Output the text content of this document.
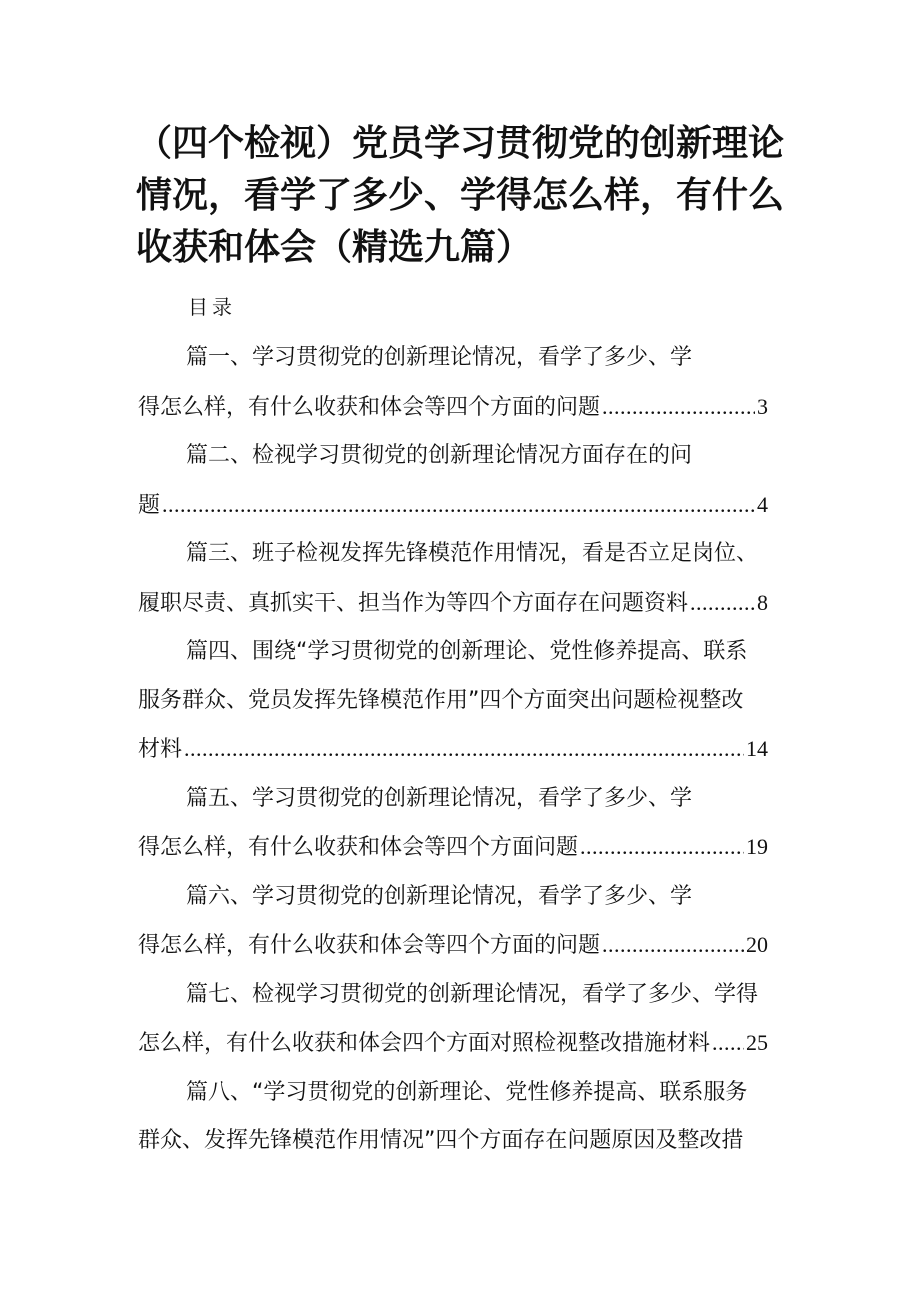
（四个检视）党员学习贯彻党的创新理论情况，看学了多少、学得怎么样，有什么收获和体会（精选九篇）
目录
篇一、学习贯彻党的创新理论情况，看学了多少、学
得怎么样，有什么收获和体会等四个方面的问题 .....	3
篇二、检视学习贯彻党的创新理论情况方面存在的问
题 .....	4
篇三、班子检视发挥先锋模范作用情况，看是否立足岗位、
履职尽责、真抓实干、担当作为等四个方面存在问题资料 .....	8
篇四、围绕“学习贯彻党的创新理论、党性修养提高、联系
服务群众、党员发挥先锋模范作用”四个方面突出问题检视整改
材料 .....	14
篇五、学习贯彻党的创新理论情况，看学了多少、学
得怎么样，有什么收获和体会等四个方面问题 .....	19
篇六、学习贯彻党的创新理论情况，看学了多少、学
得怎么样，有什么收获和体会等四个方面的问题 .....	20
篇七、检视学习贯彻党的创新理论情况，看学了多少、学得
怎么样，有什么收获和体会四个方面对照检视整改措施材料 ..... 25
篇八、“学习贯彻党的创新理论、党性修养提高、联系服务
群众、发挥先锋模范作用情况”四个方面存在问题原因及整改措
